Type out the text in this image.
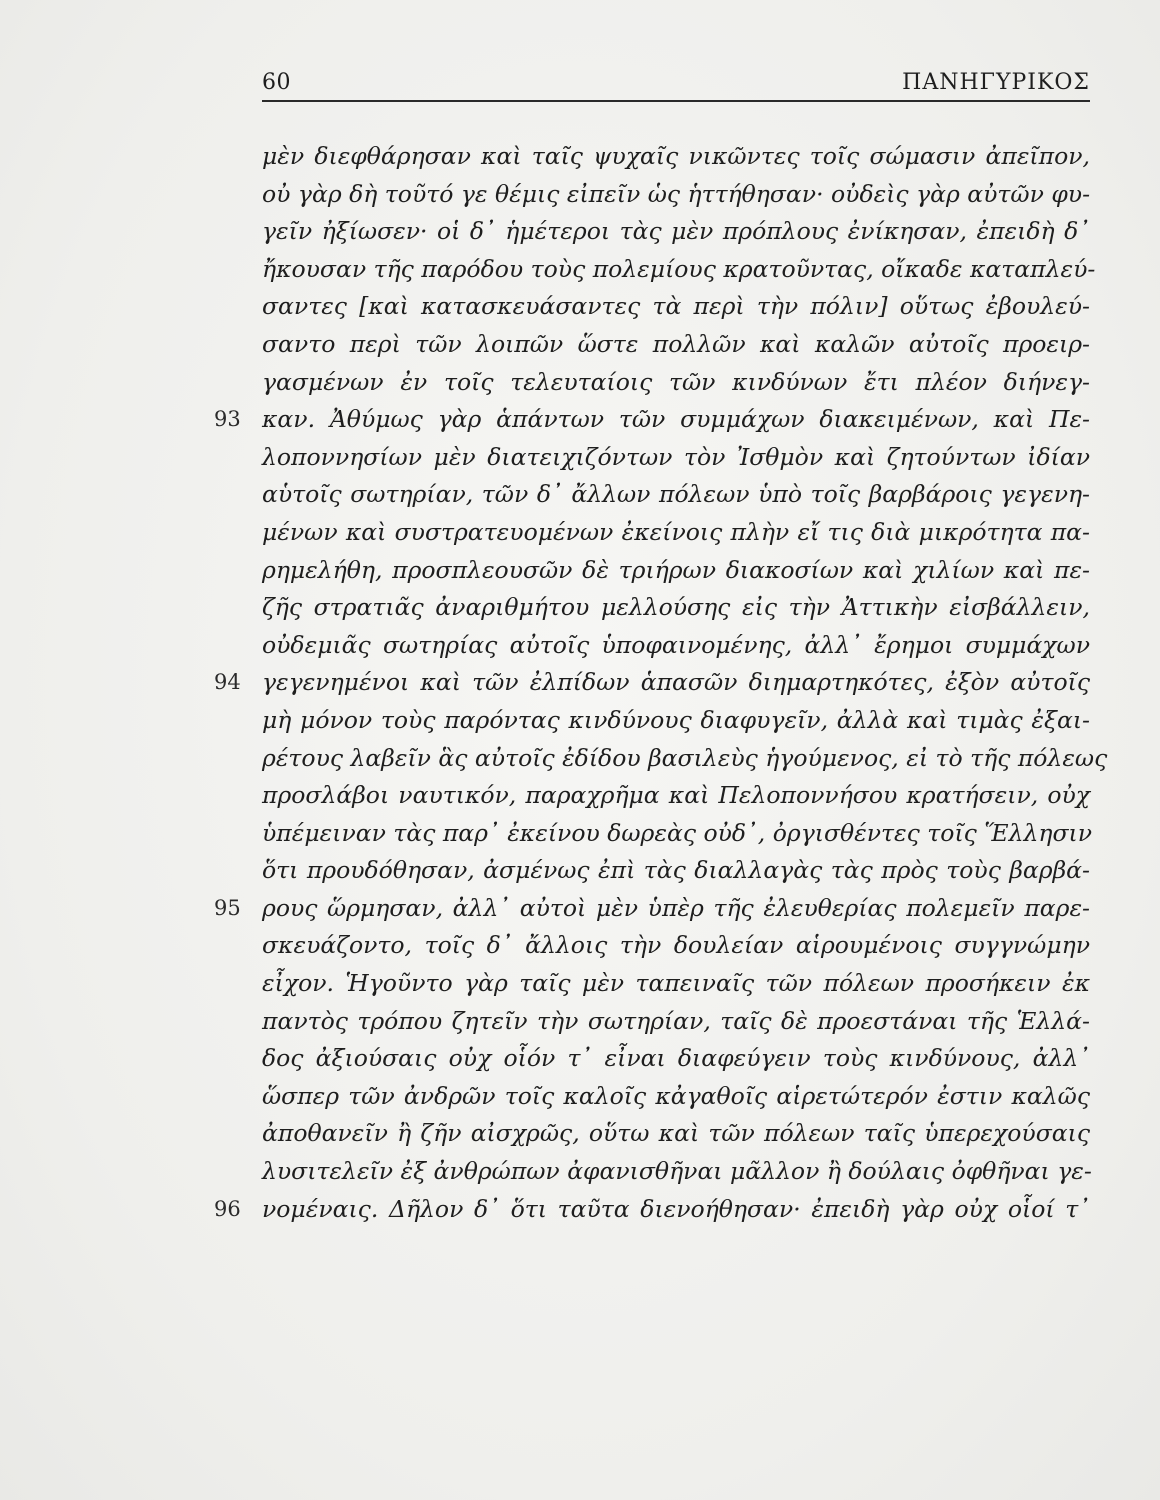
60	ΠΑΝΗΓΥΡΙΚΟΣ
μὲν διεφθάρησαν καὶ ταῖς ψυχαῖς νικῶντες τοῖς σώμασιν ἀπεῖπον,
οὐ γὰρ δὴ τοῦτό γε θέμις εἰπεῖν ὡς ἡττήθησαν· οὐδεὶς γὰρ αὐτῶν φυ-
γεῖν ἠξίωσεν· οἱ δ᾽ ἡμέτεροι τὰς μὲν πρόπλους ἐνίκησαν, ἐπειδὴ δ᾽
ἤκουσαν τῆς παρόδου τοὺς πολεμίους κρατοῦντας, οἴκαδε καταπλεύ-
σαντες [καὶ κατασκευάσαντες τὰ περὶ τὴν πόλιν] οὕτως ἐβουλεύ-
σαντο περὶ τῶν λοιπῶν ὥστε πολλῶν καὶ καλῶν αὐτοῖς προειρ-
γασμένων ἐν τοῖς τελευταίοις τῶν κινδύνων ἔτι πλέον διήνεγ-
καν. Ἀθύμως γὰρ ἁπάντων τῶν συμμάχων διακειμένων, καὶ Πε-
93
λοποννησίων μὲν διατειχιζόντων τὸν Ἰσθμὸν καὶ ζητούντων ἰδίαν
αὑτοῖς σωτηρίαν, τῶν δ᾽ ἄλλων πόλεων ὑπὸ τοῖς βαρβάροις γεγενη-
μένων καὶ συστρατευομένων ἐκείνοις πλὴν εἴ τις διὰ μικρότητα πα-
ρημελήθη, προσπλεουσῶν δὲ τριήρων διακοσίων καὶ χιλίων καὶ πε-
ζῆς στρατιᾶς ἀναριθμήτου μελλούσης εἰς τὴν Ἀττικὴν εἰσβάλλειν,
οὐδεμιᾶς σωτηρίας αὐτοῖς ὑποφαινομένης, ἀλλ᾽ ἔρημοι συμμάχων
γεγενημένοι καὶ τῶν ἐλπίδων ἁπασῶν διημαρτηκότες, ἐξὸν αὐτοῖς
94
μὴ μόνον τοὺς παρόντας κινδύνους διαφυγεῖν, ἀλλὰ καὶ τιμὰς ἐξαι-
ρέτους λαβεῖν ἃς αὐτοῖς ἐδίδου βασιλεὺς ἡγούμενος, εἰ τὸ τῆς πόλεως
προσλάβοι ναυτικόν, παραχρῆμα καὶ Πελοποννήσου κρατήσειν, οὐχ
ὑπέμειναν τὰς παρ᾽ ἐκείνου δωρεὰς οὐδ᾽, ὀργισθέντες τοῖς Ἕλλησιν
ὅτι προυδόθησαν, ἀσμένως ἐπὶ τὰς διαλλαγὰς τὰς πρὸς τοὺς βαρβά-
ρους ὥρμησαν, ἀλλ᾽ αὐτοὶ μὲν ὑπὲρ τῆς ἐλευθερίας πολεμεῖν παρε-
95
σκευάζοντο, τοῖς δ᾽ ἄλλοις τὴν δουλείαν αἱρουμένοις συγγνώμην
εἶχον. Ἡγοῦντο γὰρ ταῖς μὲν ταπειναῖς τῶν πόλεων προσήκειν ἐκ
παντὸς τρόπου ζητεῖν τὴν σωτηρίαν, ταῖς δὲ προεστάναι τῆς Ἑλλά-
δος ἀξιούσαις οὐχ οἷόν τ᾽ εἶναι διαφεύγειν τοὺς κινδύνους, ἀλλ᾽
ὥσπερ τῶν ἀνδρῶν τοῖς καλοῖς κἀγαθοῖς αἱρετώτερόν ἐστιν καλῶς
ἀποθανεῖν ἢ ζῆν αἰσχρῶς, οὕτω καὶ τῶν πόλεων ταῖς ὑπερεχούσαις
λυσιτελεῖν ἐξ ἀνθρώπων ἀφανισθῆναι μᾶλλον ἢ δούλαις ὀφθῆναι γε-
νομέναις. Δῆλον δ᾽ ὅτι ταῦτα διενοήθησαν· ἐπειδὴ γὰρ οὐχ οἷοί τ᾽
96
